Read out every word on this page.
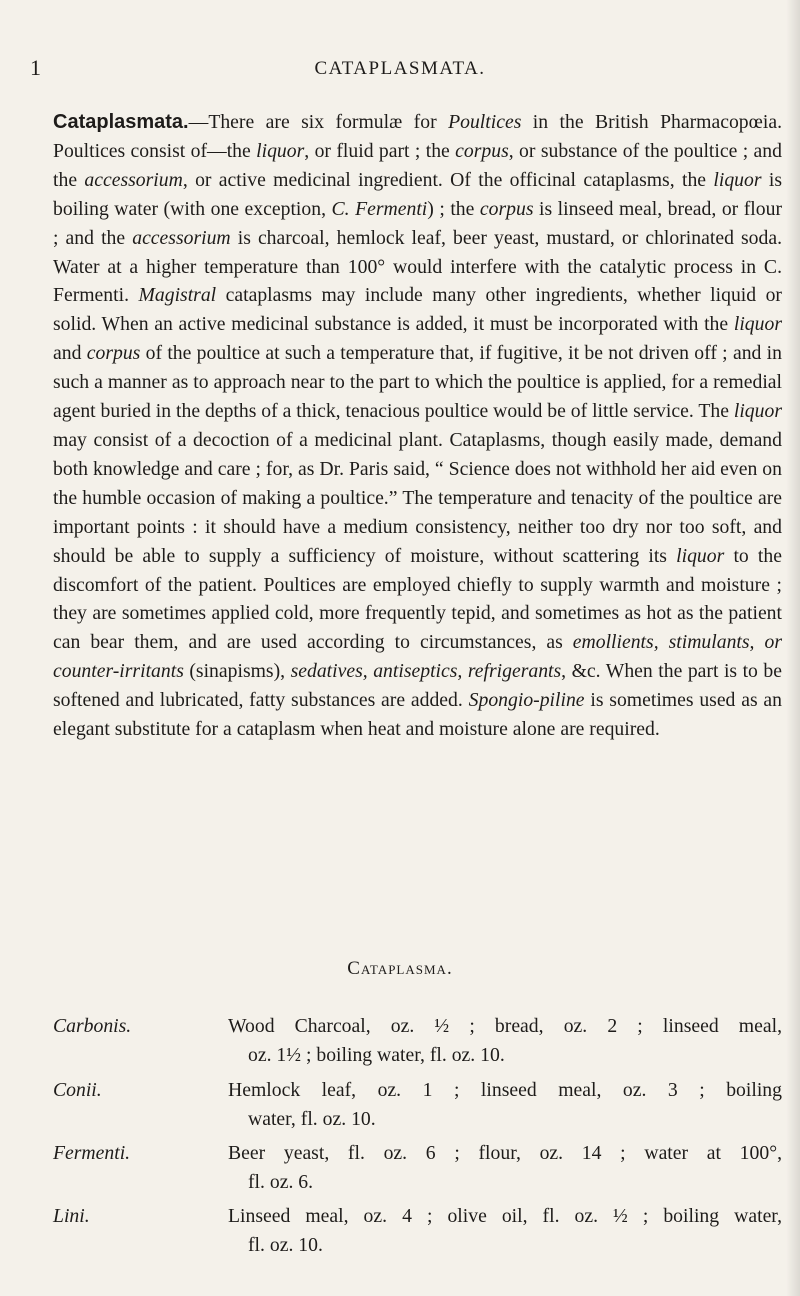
1	CATAPLASMATA.

Cataplasmata.—There are six formulæ for Poultices in the British Pharmacopœia. Poultices consist of—the liquor, or fluid part ; the corpus, or substance of the poultice ; and the accessorium, or active medicinal ingredient. Of the officinal cataplasms, the liquor is boiling water (with one exception, C. Fermenti) ; the corpus is linseed meal, bread, or flour ; and the accessorium is charcoal, hemlock leaf, beer yeast, mustard, or chlorinated soda. Water at a higher temperature than 100° would interfere with the catalytic process in C. Fermenti. Magistral cataplasms may include many other ingredients, whether liquid or solid. When an active medicinal substance is added, it must be incorporated with the liquor and corpus of the poultice at such a temperature that, if fugitive, it be not driven off ; and in such a manner as to approach near to the part to which the poultice is applied, for a remedial agent buried in the depths of a thick, tenacious poultice would be of little service. The liquor may consist of a decoction of a medicinal plant. Cataplasms, though easily made, demand both knowledge and care ; for, as Dr. Paris said, “ Science does not withhold her aid even on the humble occasion of making a poultice.” The temperature and tenacity of the poultice are important points : it should have a medium consistency, neither too dry nor too soft, and should be able to supply a sufficiency of moisture, without scattering its liquor to the discomfort of the patient. Poultices are employed chiefly to supply warmth and moisture ; they are sometimes applied cold, more frequently tepid, and sometimes as hot as the patient can bear them, and are used according to circumstances, as emollients, stimulants, or counter-irritants (sinapisms), sedatives, antiseptics, refrigerants, &c. When the part is to be softened and lubricated, fatty substances are added. Spongio-piline is sometimes used as an elegant substitute for a cataplasm when heat and moisture alone are required.

Cataplasma.
Carbonis.	Wood Charcoal, oz. ½ ; bread, oz. 2 ; linseed meal,
oz. 1½ ; boiling water, fl. oz. 10.
Conii.	Hemlock leaf, oz. 1 ; linseed meal, oz. 3 ; boiling
water, fl. oz. 10.
Fermenti.	Beer yeast, fl. oz. 6 ; flour, oz. 14 ; water at 100°,
fl. oz. 6.
Lini.	Linseed meal, oz. 4 ; olive oil, fl. oz. ½ ; boiling water,
fl. oz. 10.
